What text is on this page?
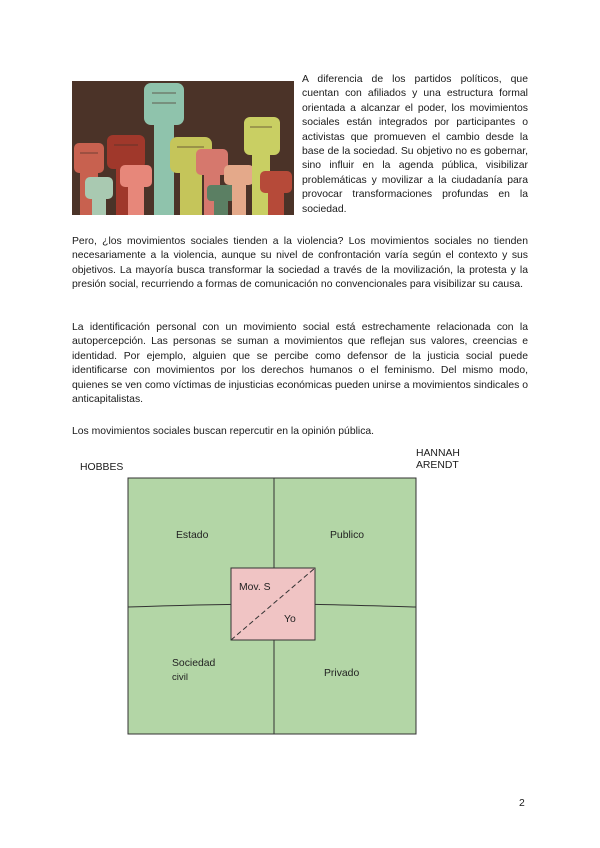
A diferencia de los partidos políticos, que cuentan con afiliados y una estructura formal orientada a alcanzar el poder, los movimientos sociales están integrados por participantes o activistas que promueven el cambio desde la base de la sociedad. Su objetivo no es gobernar, sino influir en la agenda pública, visibilizar problemáticas y movilizar a la ciudadanía para provocar transformaciones profundas en la sociedad.

Pero, ¿los movimientos sociales tienden a la violencia? Los movimientos sociales no tienden necesariamente a la violencia, aunque su nivel de confrontación varía según el contexto y sus objetivos. La mayoría busca transformar la sociedad a través de la movilización, la protesta y la presión social, recurriendo a formas de comunicación no convencionales para visibilizar su causa.

La identificación personal con un movimiento social está estrechamente relacionada con la autopercepción. Las personas se suman a movimientos que reflejan sus valores, creencias e identidad. Por ejemplo, alguien que se percibe como defensor de la justicia social puede identificarse con movimientos por los derechos humanos o el feminismo. Del mismo modo, quienes se ven como víctimas de injusticias económicas pueden unirse a movimientos sindicales o anticapitalistas.

Los movimientos sociales buscan repercutir en la opinión pública.

HOBBES

HANNAH ARENDT

Estado	Publico
Sociedad
civil	Privado
Mov. S
Yo
2
